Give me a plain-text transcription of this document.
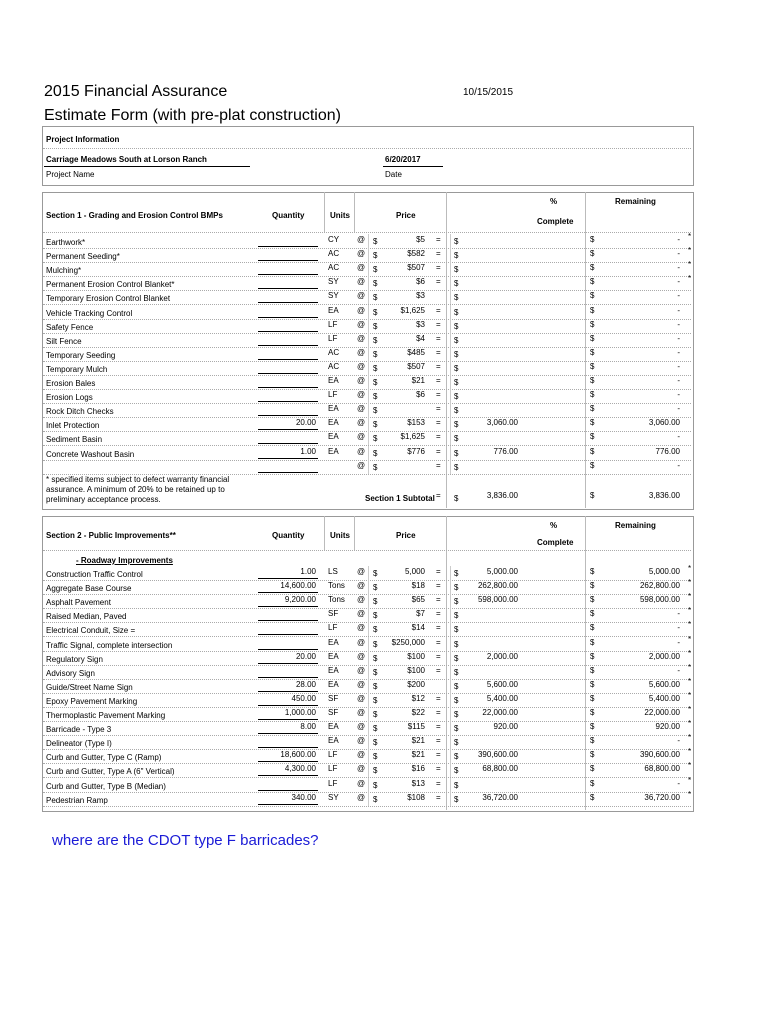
2015 Financial Assurance	10/15/2015
Estimate Form (with pre-plat construction)
Project Information
Carriage Meadows South at Lorson Ranch
Project Name
6/20/2017
Date
Section 1 - Grading and Erosion Control BMPs	Quantity	Units	Price
%
Complete
Remaining
Earthwork*	CY @ $	$5 = $	$	- *
Permanent Seeding*	AC @ $	$582 = $	$	- *
Mulching*	AC @ $	$507 = $	$	- *
Permanent Erosion Control Blanket*	SY @ $	$6 = $	$	- *
Temporary Erosion Control Blanket	SY @ $	$3	$	$	-
Vehicle Tracking Control	EA @ $	$1,625 = $	$	-
Safety Fence	LF @ $	$3 = $	$	-
Silt Fence	LF @ $	$4 = $	$	-
Temporary Seeding	AC @ $	$485 = $	$	-
Temporary Mulch	AC @ $	$507 = $	$	-
Erosion Bales	EA @ $	$21 = $	$	-
Erosion Logs	LF @ $	$6 = $	$	-
Rock Ditch Checks	EA @ $	= $	$	-
Inlet Protection	20.00 EA @ $	$153 = $	3,060.00	$	3,060.00
Sediment Basin	EA @ $	$1,625 = $	$	-
Concrete Washout Basin	1.00 EA @ $	$776 = $	776.00	$	776.00
@ $	= $	$	-
* specified items subject to defect warranty financial assurance. A minimum of 20% to be retained up to preliminary acceptance process.	Section 1 Subtotal = $	3,836.00	$	3,836.00
Section 2 - Public Improvements**	Quantity	Units	Price
%
Complete
Remaining
- Roadway Improvements
Construction Traffic Control	1.00 LS @ $	5,000 = $	5,000.00	$	5,000.00 *
Aggregate Base Course	14,600.00 Tons @ $	$18 = $	262,800.00	$	262,800.00 *
Asphalt Pavement	9,200.00 Tons @ $	$65 = $	598,000.00	$	598,000.00 *
Raised Median, Paved	SF @ $	$7 = $	$	- *
Electrical Conduit, Size =	LF @ $	$14 = $	$	- *
Traffic Signal, complete intersection	EA @ $	$250,000 = $	$	- *
Regulatory Sign	20.00 EA @ $	$100 = $	2,000.00	$	2,000.00 *
Advisory Sign	EA @ $	$100 = $	$	- *
Guide/Street Name Sign	28.00 EA @ $	$200	$	5,600.00	$	5,600.00 *
Epoxy Pavement Marking	450.00 SF @ $	$12 = $	5,400.00	$	5,400.00 *
Thermoplastic Pavement Marking	1,000.00 SF @ $	$22 = $	22,000.00	$	22,000.00 *
Barricade - Type 3	8.00 EA @ $	$115 = $	920.00	$	920.00 *
Delineator (Type I)	EA @ $	$21 = $	$	- *
Curb and Gutter, Type C (Ramp)	18,600.00 LF @ $	$21 = $	390,600.00	$	390,600.00 *
Curb and Gutter, Type A (6" Vertical)	4,300.00 LF @ $	$16 = $	68,800.00	$	68,800.00 *
Curb and Gutter, Type B (Median)	LF @ $	$13 = $	$	- *
Pedestrian Ramp	340.00 SY @ $	$108 = $	36,720.00	$	36,720.00 *
where are the CDOT type F barricades?
